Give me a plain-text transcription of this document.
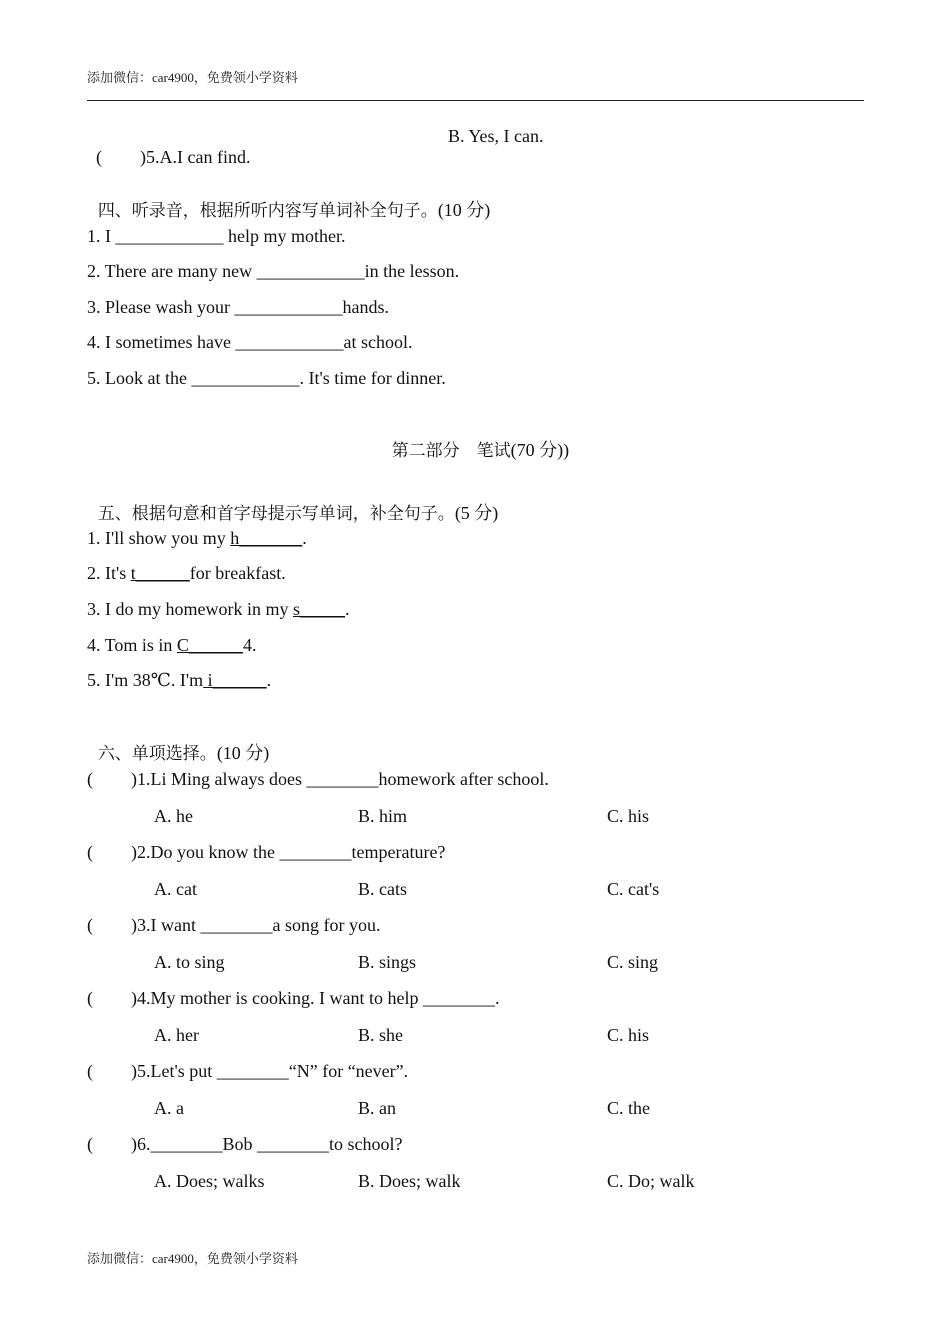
添加微信：car4900，免费领小学资料

( )5.A.I can find.

B. Yes, I can.

四、听录音，根据所听内容写单词补全句子。(10 分)

1. I ____________ help my mother.
2. There are many new ____________in the lesson.
3. Please wash your ____________hands.
4. I sometimes have ____________at school.
5. Look at the ____________. It's time for dinner.

第二部分　笔试(70 分))

五、根据句意和首字母提示写单词，补全句子。(5 分)

1. I'll show you my h_______.
2. It's t______for breakfast.
3. I do my homework in my s_____.
4. Tom is in C______4.
5. I'm 38℃. I'm i______.

六、单项选择。(10 分)

( )1.Li Ming always does ________homework after school.
A. he	B. him	C. his
( )2.Do you know the ________temperature?
A. cat	B. cats	C. cat's
( )3.I want ________a song for you.
A. to sing	B. sings	C. sing
( )4.My mother is cooking. I want to help ________.
A. her	B. she	C. his
( )5.Let's put ________“N” for “never”.
A. a	B. an	C. the
( )6.________Bob ________to school?
A. Does; walks	B. Does; walk	C. Do; walk
添加微信：car4900，免费领小学资料
